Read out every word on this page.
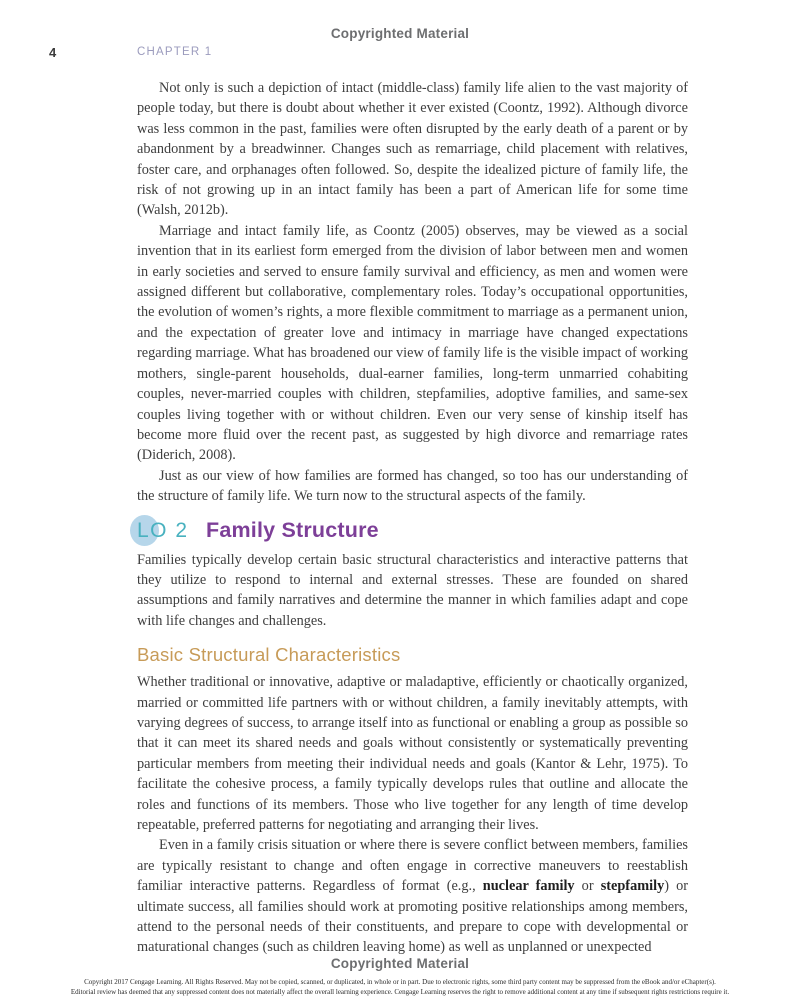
Copyrighted Material
4	CHAPTER 1

Not only is such a depiction of intact (middle-class) family life alien to the vast majority of people today, but there is doubt about whether it ever existed (Coontz, 1992). Although divorce was less common in the past, families were often disrupted by the early death of a parent or by abandonment by a breadwinner. Changes such as remarriage, child placement with relatives, foster care, and orphanages often followed. So, despite the idealized picture of family life, the risk of not growing up in an intact family has been a part of American life for some time (Walsh, 2012b).

Marriage and intact family life, as Coontz (2005) observes, may be viewed as a social invention that in its earliest form emerged from the division of labor between men and women in early societies and served to ensure family survival and efficiency, as men and women were assigned different but collaborative, complementary roles. Today’s occupational opportunities, the evolution of women’s rights, a more flexible commitment to marriage as a permanent union, and the expectation of greater love and intimacy in marriage have changed expectations regarding marriage. What has broadened our view of family life is the visible impact of working mothers, single-parent households, dual-earner families, long-term unmarried cohabiting couples, never-married couples with children, stepfamilies, adoptive families, and same-sex couples living together with or without children. Even our very sense of kinship itself has become more fluid over the recent past, as suggested by high divorce and remarriage rates (Diderich, 2008).

Just as our view of how families are formed has changed, so too has our understanding of the structure of family life. We turn now to the structural aspects of the family.

LO 2 Family Structure

Families typically develop certain basic structural characteristics and interactive patterns that they utilize to respond to internal and external stresses. These are founded on shared assumptions and family narratives and determine the manner in which families adapt and cope with life changes and challenges.

Basic Structural Characteristics

Whether traditional or innovative, adaptive or maladaptive, efficiently or chaotically organized, married or committed life partners with or without children, a family inevitably attempts, with varying degrees of success, to arrange itself into as functional or enabling a group as possible so that it can meet its shared needs and goals without consistently or systematically preventing particular members from meeting their individual needs and goals (Kantor & Lehr, 1975). To facilitate the cohesive process, a family typically develops rules that outline and allocate the roles and functions of its members. Those who live together for any length of time develop repeatable, preferred patterns for negotiating and arranging their lives.

Even in a family crisis situation or where there is severe conflict between members, families are typically resistant to change and often engage in corrective maneuvers to reestablish familiar interactive patterns. Regardless of format (e.g., nuclear family or stepfamily) or ultimate success, all families should work at promoting positive relationships among members, attend to the personal needs of their constituents, and prepare to cope with developmental or maturational changes (such as children leaving home) as well as unplanned or unexpected

Copyrighted Material
Copyright 2017 Cengage Learning. All Rights Reserved. May not be copied, scanned, or duplicated, in whole or in part. Due to electronic rights, some third party content may be suppressed from the eBook and/or eChapter(s).
Editorial review has deemed that any suppressed content does not materially affect the overall learning experience. Cengage Learning reserves the right to remove additional content at any time if subsequent rights restrictions require it.
